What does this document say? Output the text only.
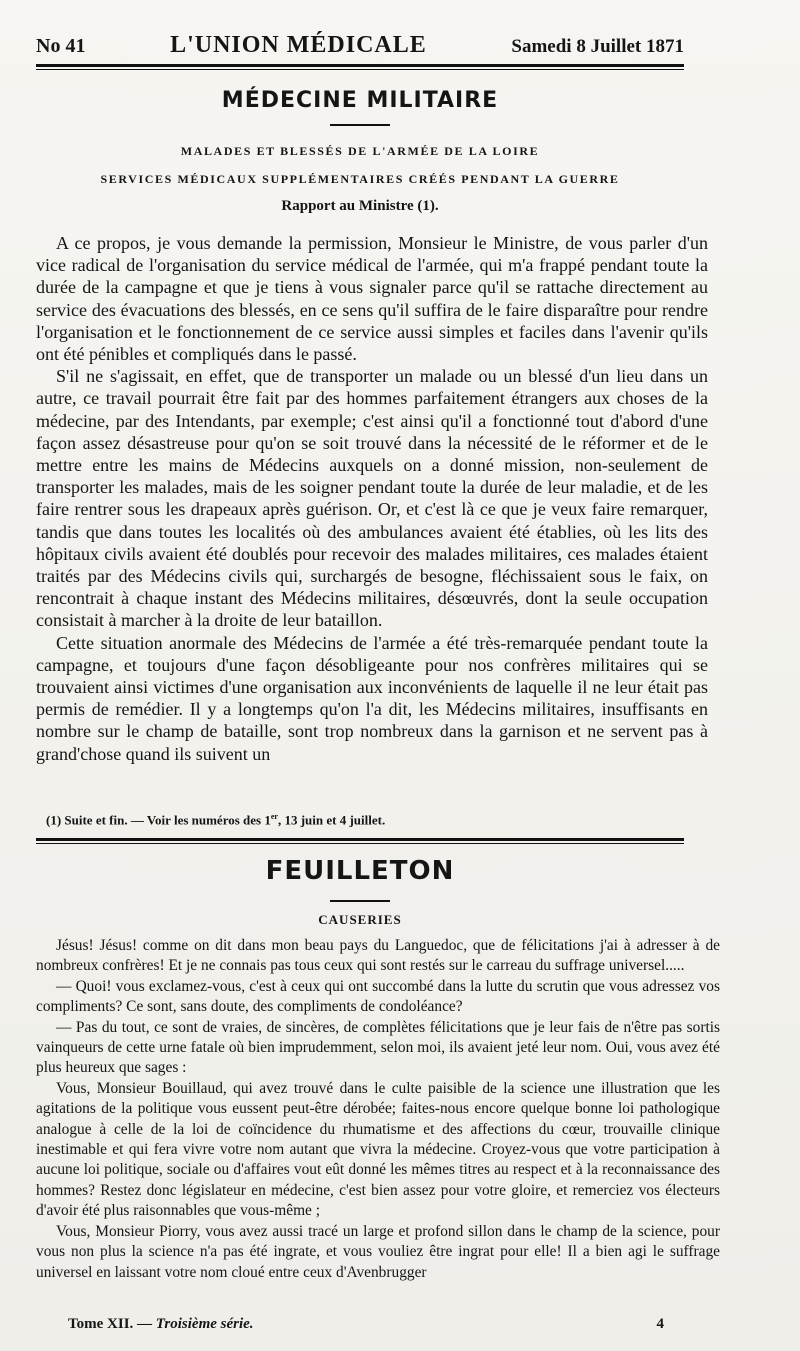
No 41	L'UNION MÉDICALE	Samedi 8 Juillet 1871
MÉDECINE MILITAIRE
MALADES ET BLESSÉS DE L'ARMÉE DE LA LOIRE
SERVICES MÉDICAUX SUPPLÉMENTAIRES CRÉÉS PENDANT LA GUERRE
Rapport au Ministre (1).

A ce propos, je vous demande la permission, Monsieur le Ministre, de vous parler d'un vice radical de l'organisation du service médical de l'armée, qui m'a frappé pendant toute la durée de la campagne et que je tiens à vous signaler parce qu'il se rattache directement au service des évacuations des blessés, en ce sens qu'il suffira de le faire disparaître pour rendre l'organisation et le fonctionnement de ce service aussi simples et faciles dans l'avenir qu'ils ont été pénibles et compliqués dans le passé.

S'il ne s'agissait, en effet, que de transporter un malade ou un blessé d'un lieu dans un autre, ce travail pourrait être fait par des hommes parfaitement étrangers aux choses de la médecine, par des Intendants, par exemple; c'est ainsi qu'il a fonctionné tout d'abord d'une façon assez désastreuse pour qu'on se soit trouvé dans la nécessité de le réformer et de le mettre entre les mains de Médecins auxquels on a donné mission, non-seulement de transporter les malades, mais de les soigner pendant toute la durée de leur maladie, et de les faire rentrer sous les drapeaux après guérison. Or, et c'est là ce que je veux faire remarquer, tandis que dans toutes les localités où des ambulances avaient été établies, où les lits des hôpitaux civils avaient été doublés pour recevoir des malades militaires, ces malades étaient traités par des Médecins civils qui, surchargés de besogne, fléchissaient sous le faix, on rencontrait à chaque instant des Médecins militaires, désœuvrés, dont la seule occupation consistait à marcher à la droite de leur bataillon.

Cette situation anormale des Médecins de l'armée a été très-remarquée pendant toute la campagne, et toujours d'une façon désobligeante pour nos confrères militaires qui se trouvaient ainsi victimes d'une organisation aux inconvénients de laquelle il ne leur était pas permis de remédier. Il y a longtemps qu'on l'a dit, les Médecins militaires, insuffisants en nombre sur le champ de bataille, sont trop nombreux dans la garnison et ne servent pas à grand'chose quand ils suivent un

(1) Suite et fin. — Voir les numéros des 1er, 13 juin et 4 juillet.
FEUILLETON
CAUSERIES

Jésus! Jésus! comme on dit dans mon beau pays du Languedoc, que de félicitations j'ai à adresser à de nombreux confrères! Et je ne connais pas tous ceux qui sont restés sur le carreau du suffrage universel.....

— Quoi! vous exclamez-vous, c'est à ceux qui ont succombé dans la lutte du scrutin que vous adressez vos compliments? Ce sont, sans doute, des compliments de condoléance?

— Pas du tout, ce sont de vraies, de sincères, de complètes félicitations que je leur fais de n'être pas sortis vainqueurs de cette urne fatale où bien imprudemment, selon moi, ils avaient jeté leur nom. Oui, vous avez été plus heureux que sages :

Vous, Monsieur Bouillaud, qui avez trouvé dans le culte paisible de la science une illustration que les agitations de la politique vous eussent peut-être dérobée; faites-nous encore quelque bonne loi pathologique analogue à celle de la loi de coïncidence du rhumatisme et des affections du cœur, trouvaille clinique inestimable et qui fera vivre votre nom autant que vivra la médecine. Croyez-vous que votre participation à aucune loi politique, sociale ou d'affaires vout eût donné les mêmes titres au respect et à la reconnaissance des hommes? Restez donc législateur en médecine, c'est bien assez pour votre gloire, et remerciez vos électeurs d'avoir été plus raisonnables que vous-même ;

Vous, Monsieur Piorry, vous avez aussi tracé un large et profond sillon dans le champ de la science, pour vous non plus la science n'a pas été ingrate, et vous vouliez être ingrat pour elle! Il a bien agi le suffrage universel en laissant votre nom cloué entre ceux d'Avenbrugger

Tome XII. — Troisième série.	4
